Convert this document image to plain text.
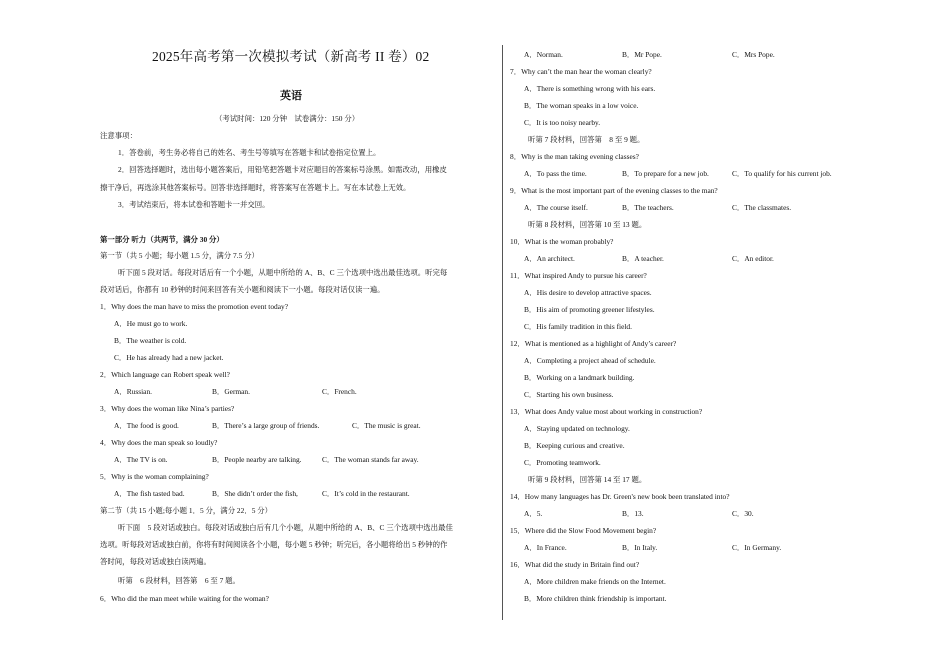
2025年高考第一次模拟考试（新高考 II 卷）02
英语
（考试时间：120 分钟　试卷满分：150 分）
注意事项：
1．答卷前，考生务必将自己的姓名、考生号等填写在答题卡和试卷指定位置上。
2．回答选择题时，选出每小题答案后，用铅笔把答题卡对应题目的答案标号涂黑。如需改动，用橡皮
擦干净后，再选涂其他答案标号。回答非选择题时，将答案写在答题卡上。写在本试卷上无效。
3．考试结束后，将本试卷和答题卡一并交回。
第一部分 听力（共两节，满分 30 分）
第一节（共 5 小题；每小题 1.5 分，满分 7.5 分）
听下面 5 段对话。每段对话后有一个小题，从题中所给的 A、B、C 三个选项中选出最佳选项。听完每
段对话后，你都有 10 秒钟的时间来回答有关小题和阅读下一小题。每段对话仅读一遍。
1．Why does the man have to miss the promotion event today?
A．He must go to work.
B．The weather is cold.
C．He has already had a new jacket.
2．Which language can Robert speak well?
A．Russian.	B．German.	C．French.
3．Why does the woman like Nina’s parties?
A．The food is good.	B．There’s a large group of friends.	C．The music is great.
4．Why does the man speak so loudly?
A．The TV is on.	B．People nearby are talking.	C．The woman stands far away.
5．Why is the woman complaining?
A．The fish tasted bad.	B．She didn’t order the fish,	C．It’s cold in the restaurant.
第二节（共 15 小题;每小题 1．5 分，满分 22．5 分）
听下面　5 段对话或独白。每段对话或独白后有几个小题，从题中所给的 A、B、C 三个选项中选出最佳
选项。听每段对话或独白前，你将有时间阅读各个小题，每小题 5 秒钟；听完后，各小题将给出 5 秒钟的作
答时间，每段对话或独白读两遍。
听第　6 段材料，回答第　6 至 7 题。
6．Who did the man meet while waiting for the woman?
A．Norman.	B．Mr Pope.	C．Mrs Pope.
7．Why can’t the man hear the woman clearly?
A．There is something wrong with his ears.
B．The woman speaks in a low voice.
C．It is too noisy nearby.
听第 7 段材料，回答第　8 至 9 题。
8．Why is the man taking evening classes?
A．To pass the time.	B．To prepare for a new job.	C．To qualify for his current job.
9．What is the most important part of the evening classes to the man?
A．The course itself.	B．The teachers.	C．The classmates.
听第 8 段材料，回答第 10 至 13 题。
10．What is the woman probably?
A．An architect.	B．A teacher.	C．An editor.
11．What inspired Andy to pursue his career?
A．His desire to develop attractive spaces.
B．His aim of promoting greener lifestyles.
C．His family tradition in this field.
12．What is mentioned as a highlight of Andy’s career?
A．Completing a project ahead of schedule.
B．Working on a landmark building.
C．Starting his own business.
13．What does Andy value most about working in construction?
A．Staying updated on technology.
B．Keeping curious and creative.
C．Promoting teamwork.
听第 9 段材料，回答第 14 至 17 题。
14．How many languages has Dr. Green's new book been translated into?
A．5.	B．13.	C．30.
15．Where did the Slow Food Movement begin?
A．In France.	B．In Italy.	C．In Germany.
16．What did the study in Britain find out?
A．More children make friends on the Internet.
B．More children think friendship is important.
